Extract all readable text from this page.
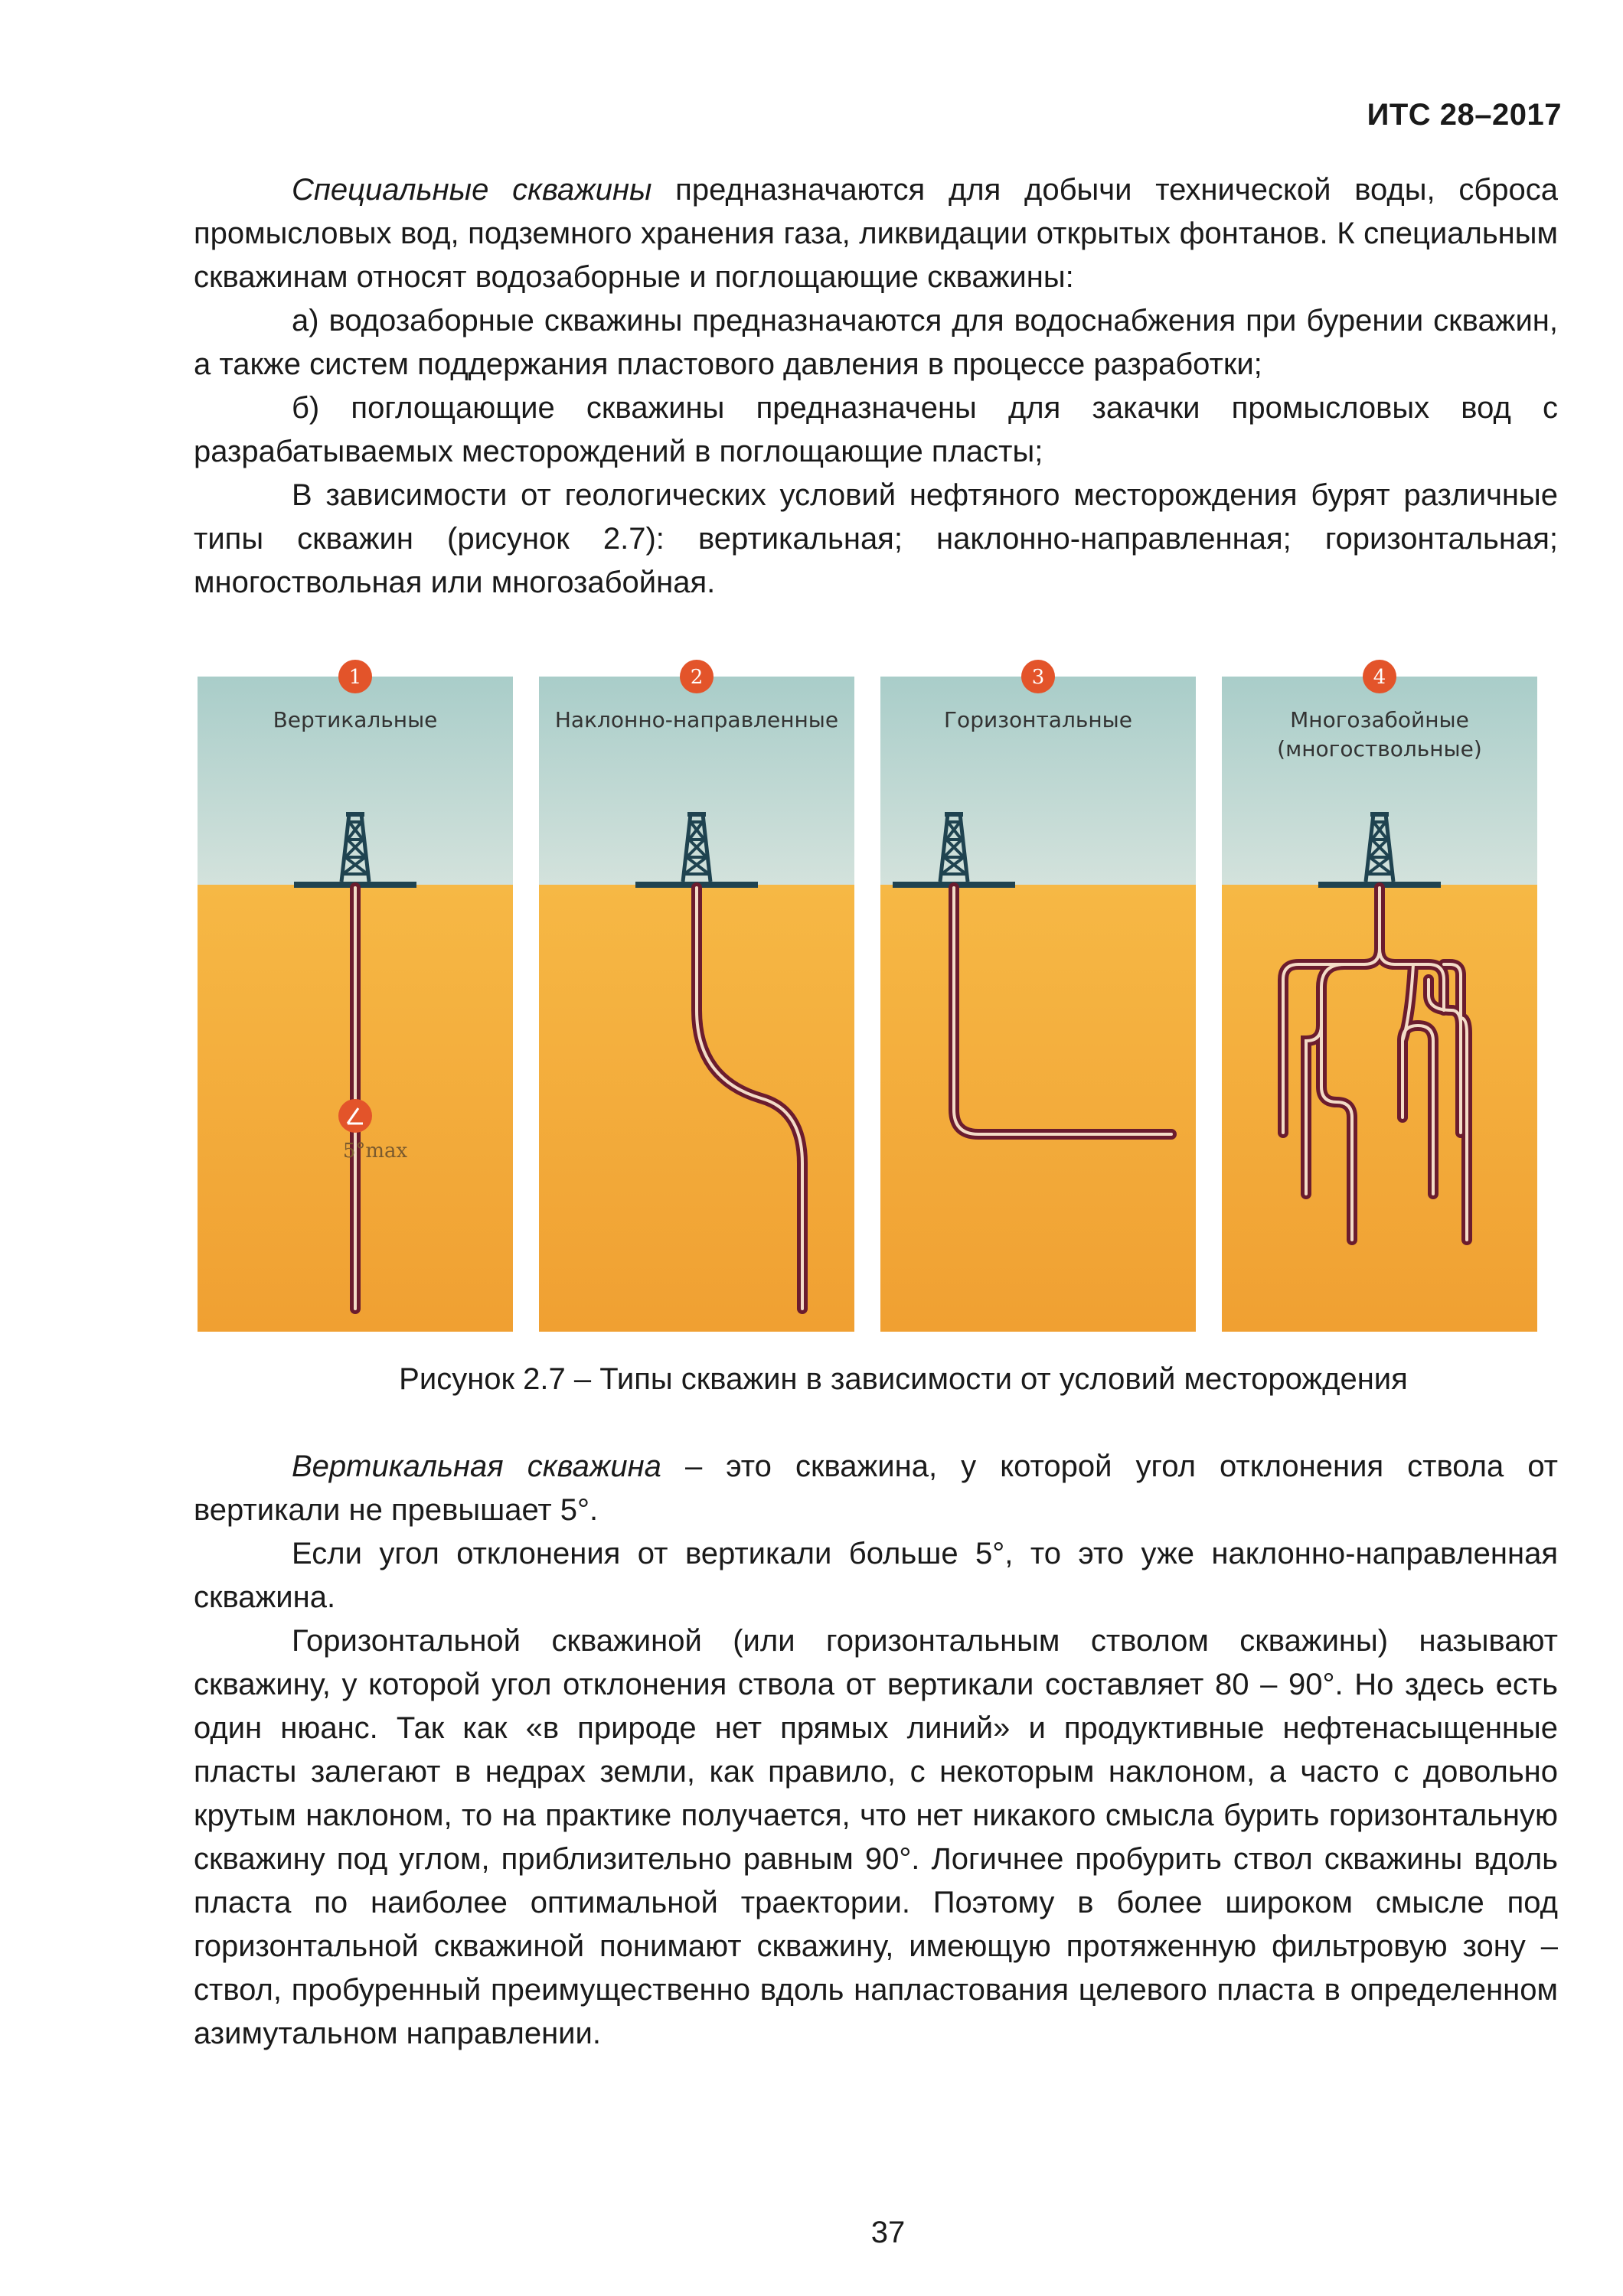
ИТС 28–2017

Специальные скважины предназначаются для добычи технической воды, сброса промысловых вод, подземного хранения газа, ликвидации открытых фонтанов. К специальным скважинам относят водозаборные и поглощающие скважины:

а) водозаборные скважины предназначаются для водоснабжения при бурении скважин, а также систем поддержания пластового давления в процессе разработки;

б) поглощающие скважины предназначены для закачки промысловых вод с разрабатываемых месторождений в поглощающие пласты;

В зависимости от геологических условий нефтяного месторождения бурят различные типы скважин (рисунок 2.7): вертикальная; наклонно-направленная; горизонтальная; многоствольная или многозабойная.

1
Вертикальные
5°max
2
Наклонно-направленные
3
Горизонтальные
4
Многозабойные
(многоствольные)
Рисунок 2.7 – Типы скважин в зависимости от условий месторождения

Вертикальная скважина – это скважина, у которой угол отклонения ствола от вертикали не превышает 5°.

Если угол отклонения от вертикали больше 5°, то это уже наклонно-направленная скважина.

Горизонтальной скважиной (или горизонтальным стволом скважины) называют скважину, у которой угол отклонения ствола от вертикали составляет 80 – 90°. Но здесь есть один нюанс. Так как «в природе нет прямых линий» и продуктивные нефтенасыщенные пласты залегают в недрах земли, как правило, с некоторым наклоном, а часто с довольно крутым наклоном, то на практике получается, что нет никакого смысла бурить горизонтальную скважину под углом, приблизительно равным 90°. Логичнее пробурить ствол скважины вдоль пласта по наиболее оптимальной траектории. Поэтому в более широком смысле под горизонтальной скважиной понимают скважину, имеющую протяженную фильтровую зону – ствол, пробуренный преимущественно вдоль напластования целевого пласта в определенном азимутальном направлении.

37
